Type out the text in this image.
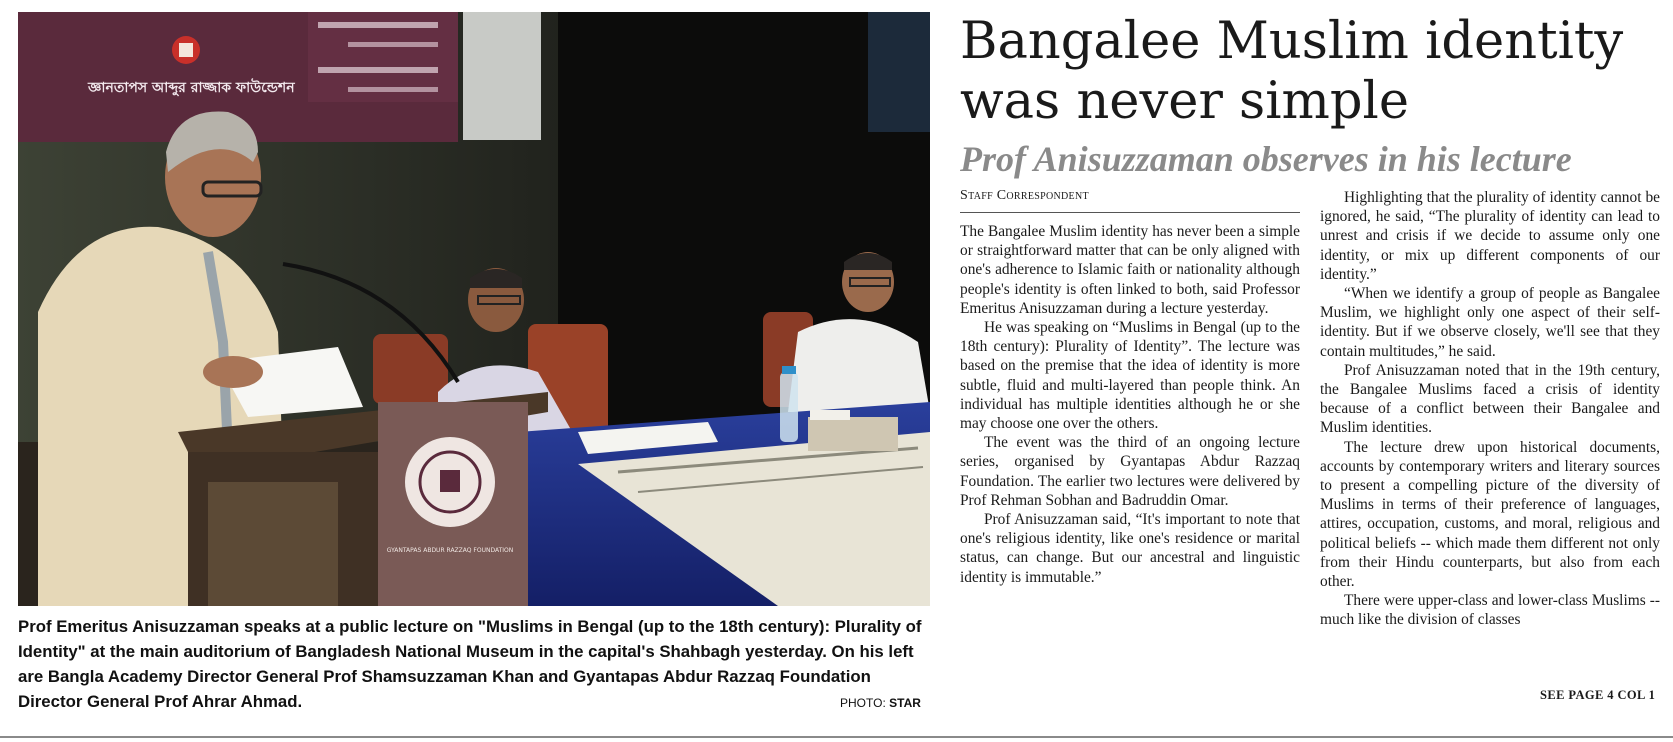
জ্ঞানতাপস আব্দুর রাজ্জাক ফাউন্ডেশন
GYANTAPAS ABDUR RAZZAQ FOUNDATION

Prof Emeritus Anisuzzaman speaks at a public lecture on "Muslims in Bengal (up to the 18th century): Plurality of Identity" at the main auditorium of Bangladesh National Museum in the capital's Shahbagh yesterday. On his left are Bangla Academy Director General Prof Shamsuzzaman Khan and Gyantapas Abdur Razzaq Foundation Director General Prof Ahrar Ahmad.	PHOTO: STAR
Bangalee Muslim identity
was never simple
Prof Anisuzzaman observes in his lecture

Staff Correspondent

The Bangalee Muslim identity has never been a simple or straightforward matter that can be only aligned with one's adherence to Islamic faith or nationality although people's identity is often linked to both, said Professor Emeritus Anisuzzaman during a lecture yesterday.

He was speaking on “Muslims in Bengal (up to the 18th century): Plurality of Identity”. The lecture was based on the premise that the idea of identity is more subtle, fluid and multi-layered than people think. An individual has multiple identities although he or she may choose one over the others.

The event was the third of an ongoing lecture series, organised by Gyantapas Abdur Razzaq Foundation. The earlier two lectures were delivered by Prof Rehman Sobhan and Badruddin Omar.

Prof Anisuzzaman said, “It's important to note that one's religious identity, like one's residence or marital status, can change. But our ancestral and linguistic identity is immutable.”

Highlighting that the plurality of identity cannot be ignored, he said, “The plurality of identity can lead to unrest and crisis if we decide to assume only one identity, or mix up different components of our identity.”

“When we identify a group of people as Bangalee Muslim, we highlight only one aspect of their self-identity. But if we observe closely, we'll see that they contain multitudes,” he said.

Prof Anisuzzaman noted that in the 19th century, the Bangalee Muslims faced a crisis of identity because of a conflict between their Bangalee and Muslim identities.

The lecture drew upon historical documents, accounts by contemporary writers and literary sources to present a compelling picture of the diversity of Muslims in terms of their preference of languages, attires, occupation, customs, and moral, religious and political beliefs -- which made them different not only from their Hindu counterparts, but also from each other.

There were upper-class and lower-class Muslims -- much like the division of classes

SEE PAGE 4 COL 1
